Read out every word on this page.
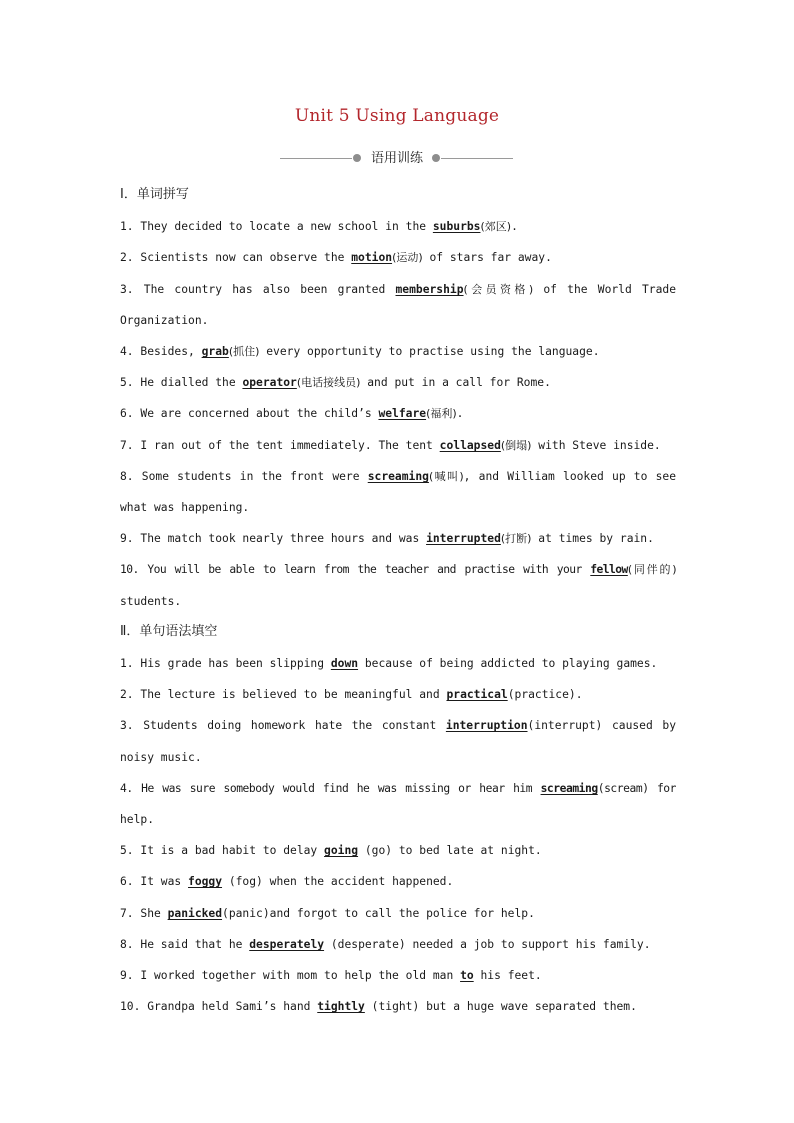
Unit 5 Using Language
语用训练
Ⅰ．单词拼写
1. They decided to locate a new school in the suburbs(郊区).
2. Scientists now can observe the motion(运动) of stars far away.
3. The country has also been granted membership(会员资格) of the World Trade
Organization.
4. Besides, grab(抓住) every opportunity to practise using the language.
5. He dialled the operator(电话接线员) and put in a call for Rome.
6. We are concerned about the child’s welfare(福利).
7. I ran out of the tent immediately. The tent collapsed(倒塌) with Steve inside.
8. Some students in the front were screaming(喊叫), and William looked up to see
what was happening.
9. The match took nearly three hours and was interrupted(打断) at times by rain.
10. You will be able to learn from the teacher and practise with your fellow(同伴的)
students.
Ⅱ．单句语法填空
1. His grade has been slipping down because of being addicted to playing games.
2. The lecture is believed to be meaningful and practical(practice).
3. Students doing homework hate the constant interruption(interrupt) caused by
noisy music.
4. He was sure somebody would find he was missing or hear him screaming(scream) for
help.
5. It is a bad habit to delay going (go) to bed late at night.
6. It was foggy (fog) when the accident happened.
7. She panicked(panic)and forgot to call the police for help.
8. He said that he desperately (desperate) needed a job to support his family.
9. I worked together with mom to help the old man to his feet.
10. Grandpa held Sami’s hand tightly (tight) but a huge wave separated them.
